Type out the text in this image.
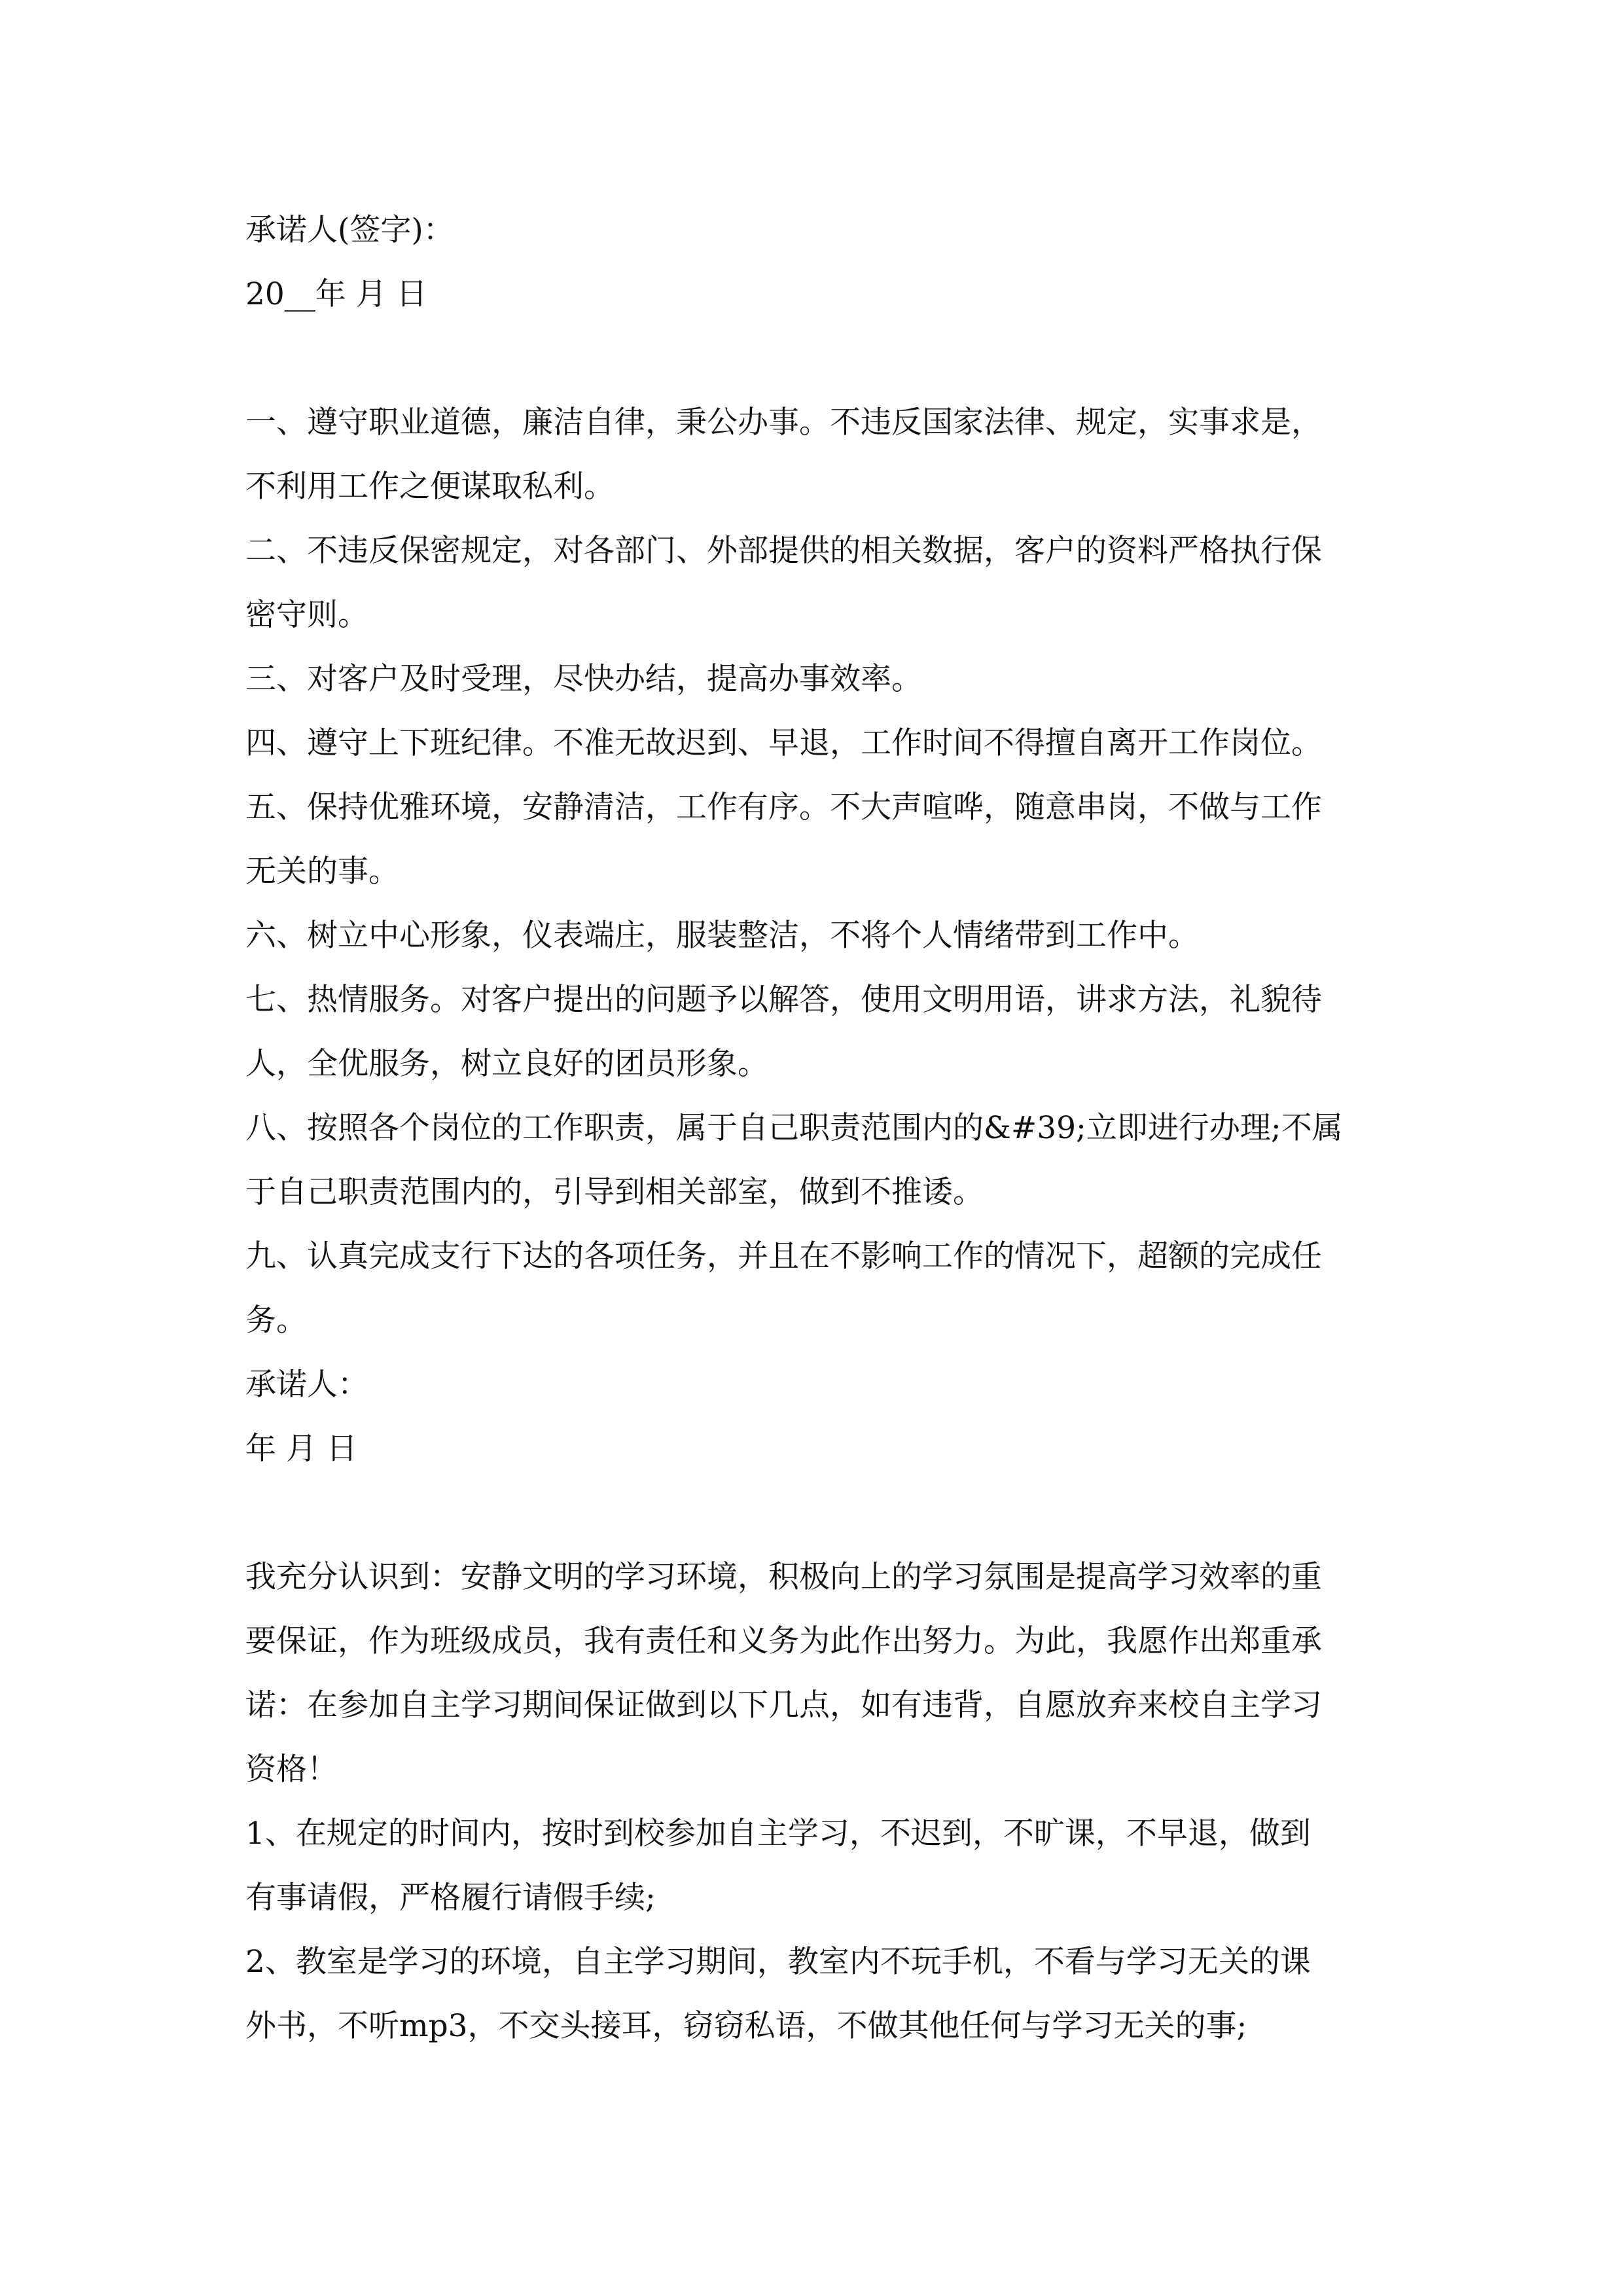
承诺人(签字)：
20__年 月 日
一、遵守职业道德，廉洁自律，秉公办事。不违反国家法律、规定，实事求是，
不利用工作之便谋取私利。
二、不违反保密规定，对各部门、外部提供的相关数据，客户的资料严格执行保
密守则。
三、对客户及时受理，尽快办结，提高办事效率。
四、遵守上下班纪律。不准无故迟到、早退，工作时间不得擅自离开工作岗位。
五、保持优雅环境，安静清洁，工作有序。不大声喧哗，随意串岗，不做与工作
无关的事。
六、树立中心形象，仪表端庄，服装整洁，不将个人情绪带到工作中。
七、热情服务。对客户提出的问题予以解答，使用文明用语，讲求方法，礼貌待
人，全优服务，树立良好的团员形象。
八、按照各个岗位的工作职责，属于自己职责范围内的&#39;立即进行办理;不属
于自己职责范围内的，引导到相关部室，做到不推诿。
九、认真完成支行下达的各项任务，并且在不影响工作的情况下，超额的完成任
务。
承诺人：
年 月 日
我充分认识到：安静文明的学习环境，积极向上的学习氛围是提高学习效率的重
要保证，作为班级成员，我有责任和义务为此作出努力。为此，我愿作出郑重承
诺：在参加自主学习期间保证做到以下几点，如有违背，自愿放弃来校自主学习
资格！
1、在规定的时间内，按时到校参加自主学习，不迟到，不旷课，不早退，做到
有事请假，严格履行请假手续;
2、教室是学习的环境，自主学习期间，教室内不玩手机，不看与学习无关的课
外书，不听mp3，不交头接耳，窃窃私语，不做其他任何与学习无关的事;
